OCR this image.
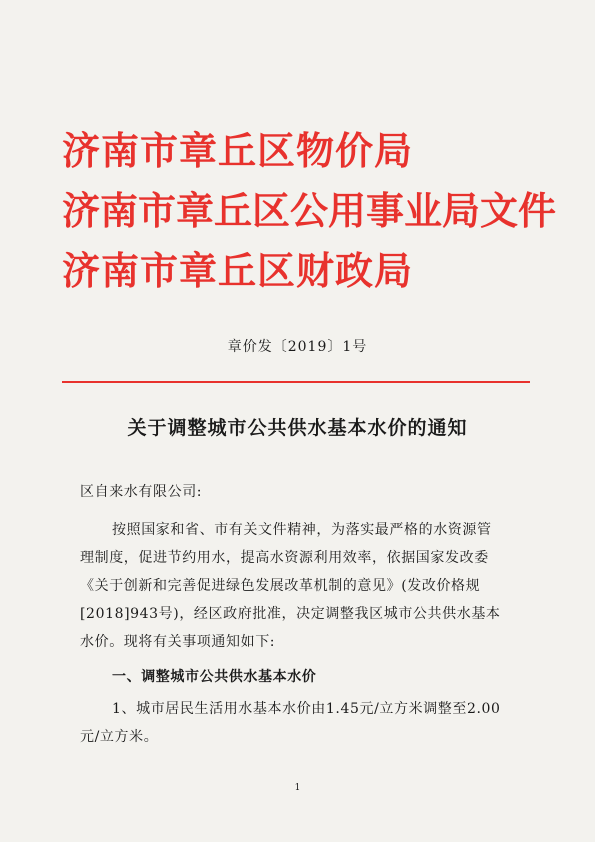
济南市章丘区物价局
济南市章丘区公用事业局文件
济南市章丘区财政局
章价发〔2019〕1号
关于调整城市公共供水基本水价的通知
区自来水有限公司:
按照国家和省、市有关文件精神，为落实最严格的水资源管
理制度，促进节约用水，提高水资源利用效率，依据国家发改委
《关于创新和完善促进绿色发展改革机制的意见》(发改价格规
[2018]943号)，经区政府批准，决定调整我区城市公共供水基本
水价。现将有关事项通知如下:
一、调整城市公共供水基本水价
1、城市居民生活用水基本水价由1.45元/立方米调整至2.00
元/立方米。
1
